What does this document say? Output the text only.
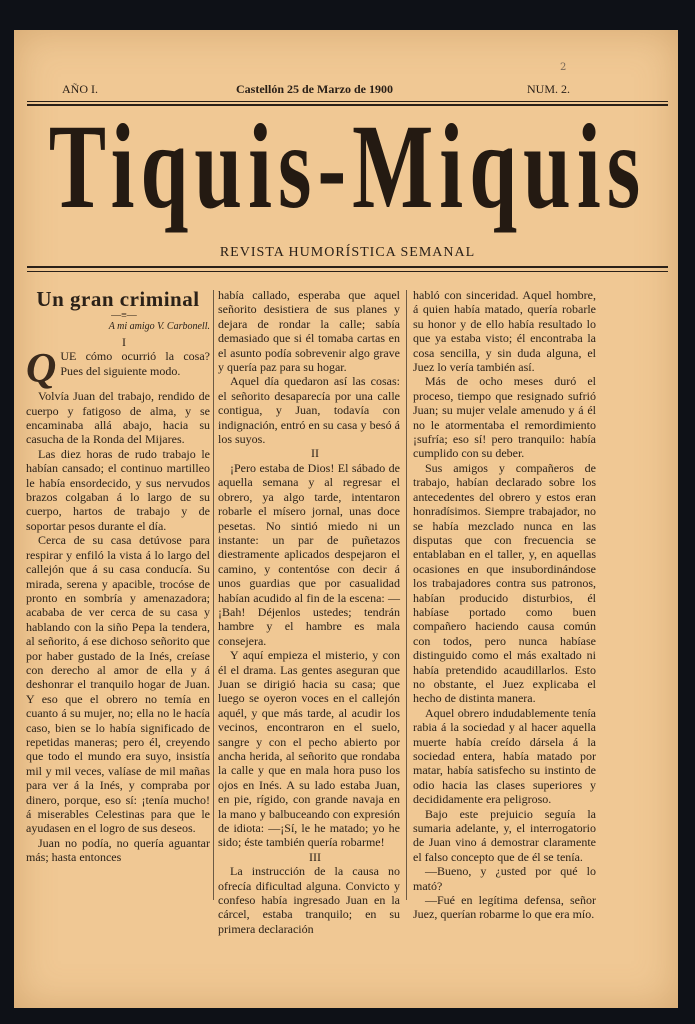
2
AÑO I.	Castellón 25 de Marzo de 1900	NUM. 2.
Tiquis-Miquis
REVISTA HUMORÍSTICA SEMANAL
Un gran criminal

—≡—

A mi amigo V. Carbonell.

I

QUE cómo ocurrió la cosa? Pues del siguiente modo.

Volvía Juan del trabajo, rendido de cuerpo y fatigoso de alma, y se encaminaba allá abajo, hacia su casucha de la Ronda del Mijares.

Las diez horas de rudo trabajo le habían cansado; el continuo martilleo le había ensordecido, y sus nervudos brazos colgaban á lo largo de su cuerpo, hartos de trabajo y de soportar pesos durante el día.

Cerca de su casa detúvose para respirar y enfiló la vista á lo largo del callejón que á su casa conducía. Su mirada, serena y apacible, trocóse de pronto en sombría y amenazadora; acababa de ver cerca de su casa y hablando con la siño Pepa la tendera, al señorito, á ese dichoso señorito que por haber gustado de la Inés, creíase con derecho al amor de ella y á deshonrar el tranquilo hogar de Juan. Y eso que el obrero no temía en cuanto á su mujer, no; ella no le hacía caso, bien se lo había significado de repetidas maneras; pero él, creyendo que todo el mundo era suyo, insistía mil y mil veces, valíase de mil mañas para ver á la Inés, y compraba por dinero, porque, eso sí: ¡tenía mucho! á miserables Celestinas para que le ayudasen en el logro de sus deseos.

Juan no podía, no quería aguantar más; hasta entonces

había callado, esperaba que aquel señorito desistiera de sus planes y dejara de rondar la calle; sabía demasiado que si él tomaba cartas en el asunto podía sobrevenir algo grave y quería paz para su hogar.

Aquel día quedaron así las cosas: el señorito desaparecía por una calle contigua, y Juan, todavía con indignación, entró en su casa y besó á los suyos.

II

¡Pero estaba de Dios! El sábado de aquella semana y al regresar el obrero, ya algo tarde, intentaron robarle el mísero jornal, unas doce pesetas. No sintió miedo ni un instante: un par de puñetazos diestramente aplicados despejaron el camino, y contentóse con decir á unos guardias que por casualidad habían acudido al fin de la escena: —¡Bah! Déjenlos ustedes; tendrán hambre y el hambre es mala consejera.

Y aquí empieza el misterio, y con él el drama. Las gentes aseguran que Juan se dirigió hacia su casa; que luego se oyeron voces en el callejón aquél, y que más tarde, al acudir los vecinos, encontraron en el suelo, sangre y con el pecho abierto por ancha herida, al señorito que rondaba la calle y que en mala hora puso los ojos en Inés. A su lado estaba Juan, en pie, rígido, con grande navaja en la mano y balbuceando con expresión de idiota: —¡Sí, le he matado; yo he sido; éste también quería robarme!

III

La instrucción de la causa no ofrecía dificultad alguna. Convicto y confeso había ingresado Juan en la cárcel, estaba tranquilo; en su primera declaración

habló con sinceridad. Aquel hombre, á quien había matado, quería robarle su honor y de ello había resultado lo que ya estaba visto; él encontraba la cosa sencilla, y sin duda alguna, el Juez lo vería también así.

Más de ocho meses duró el proceso, tiempo que resignado sufrió Juan; su mujer velale amenudo y á él no le atormentaba el remordimiento ¡sufría; eso sí! pero tranquilo: había cumplido con su deber.

Sus amigos y compañeros de trabajo, habían declarado sobre los antecedentes del obrero y estos eran honradísimos. Siempre trabajador, no se había mezclado nunca en las disputas que con frecuencia se entablaban en el taller, y, en aquellas ocasiones en que insubordinándose los trabajadores contra sus patronos, habían producido disturbios, él habíase portado como buen compañero haciendo causa común con todos, pero nunca habíase distinguido como el más exaltado ni había pretendido acaudillarlos. Esto no obstante, el Juez explicaba el hecho de distinta manera.

Aquel obrero indudablemente tenía rabia á la sociedad y al hacer aquella muerte había creído dársela á la sociedad entera, había matado por matar, había satisfecho su instinto de odio hacia las clases superiores y decididamente era peligroso.

Bajo este prejuicio seguía la sumaria adelante, y, el interrogatorio de Juan vino á demostrar claramente el falso concepto que de él se tenía.

—Bueno, y ¿usted por qué lo mató?

—Fué en legítima defensa, señor Juez, querían robarme lo que era mío.
